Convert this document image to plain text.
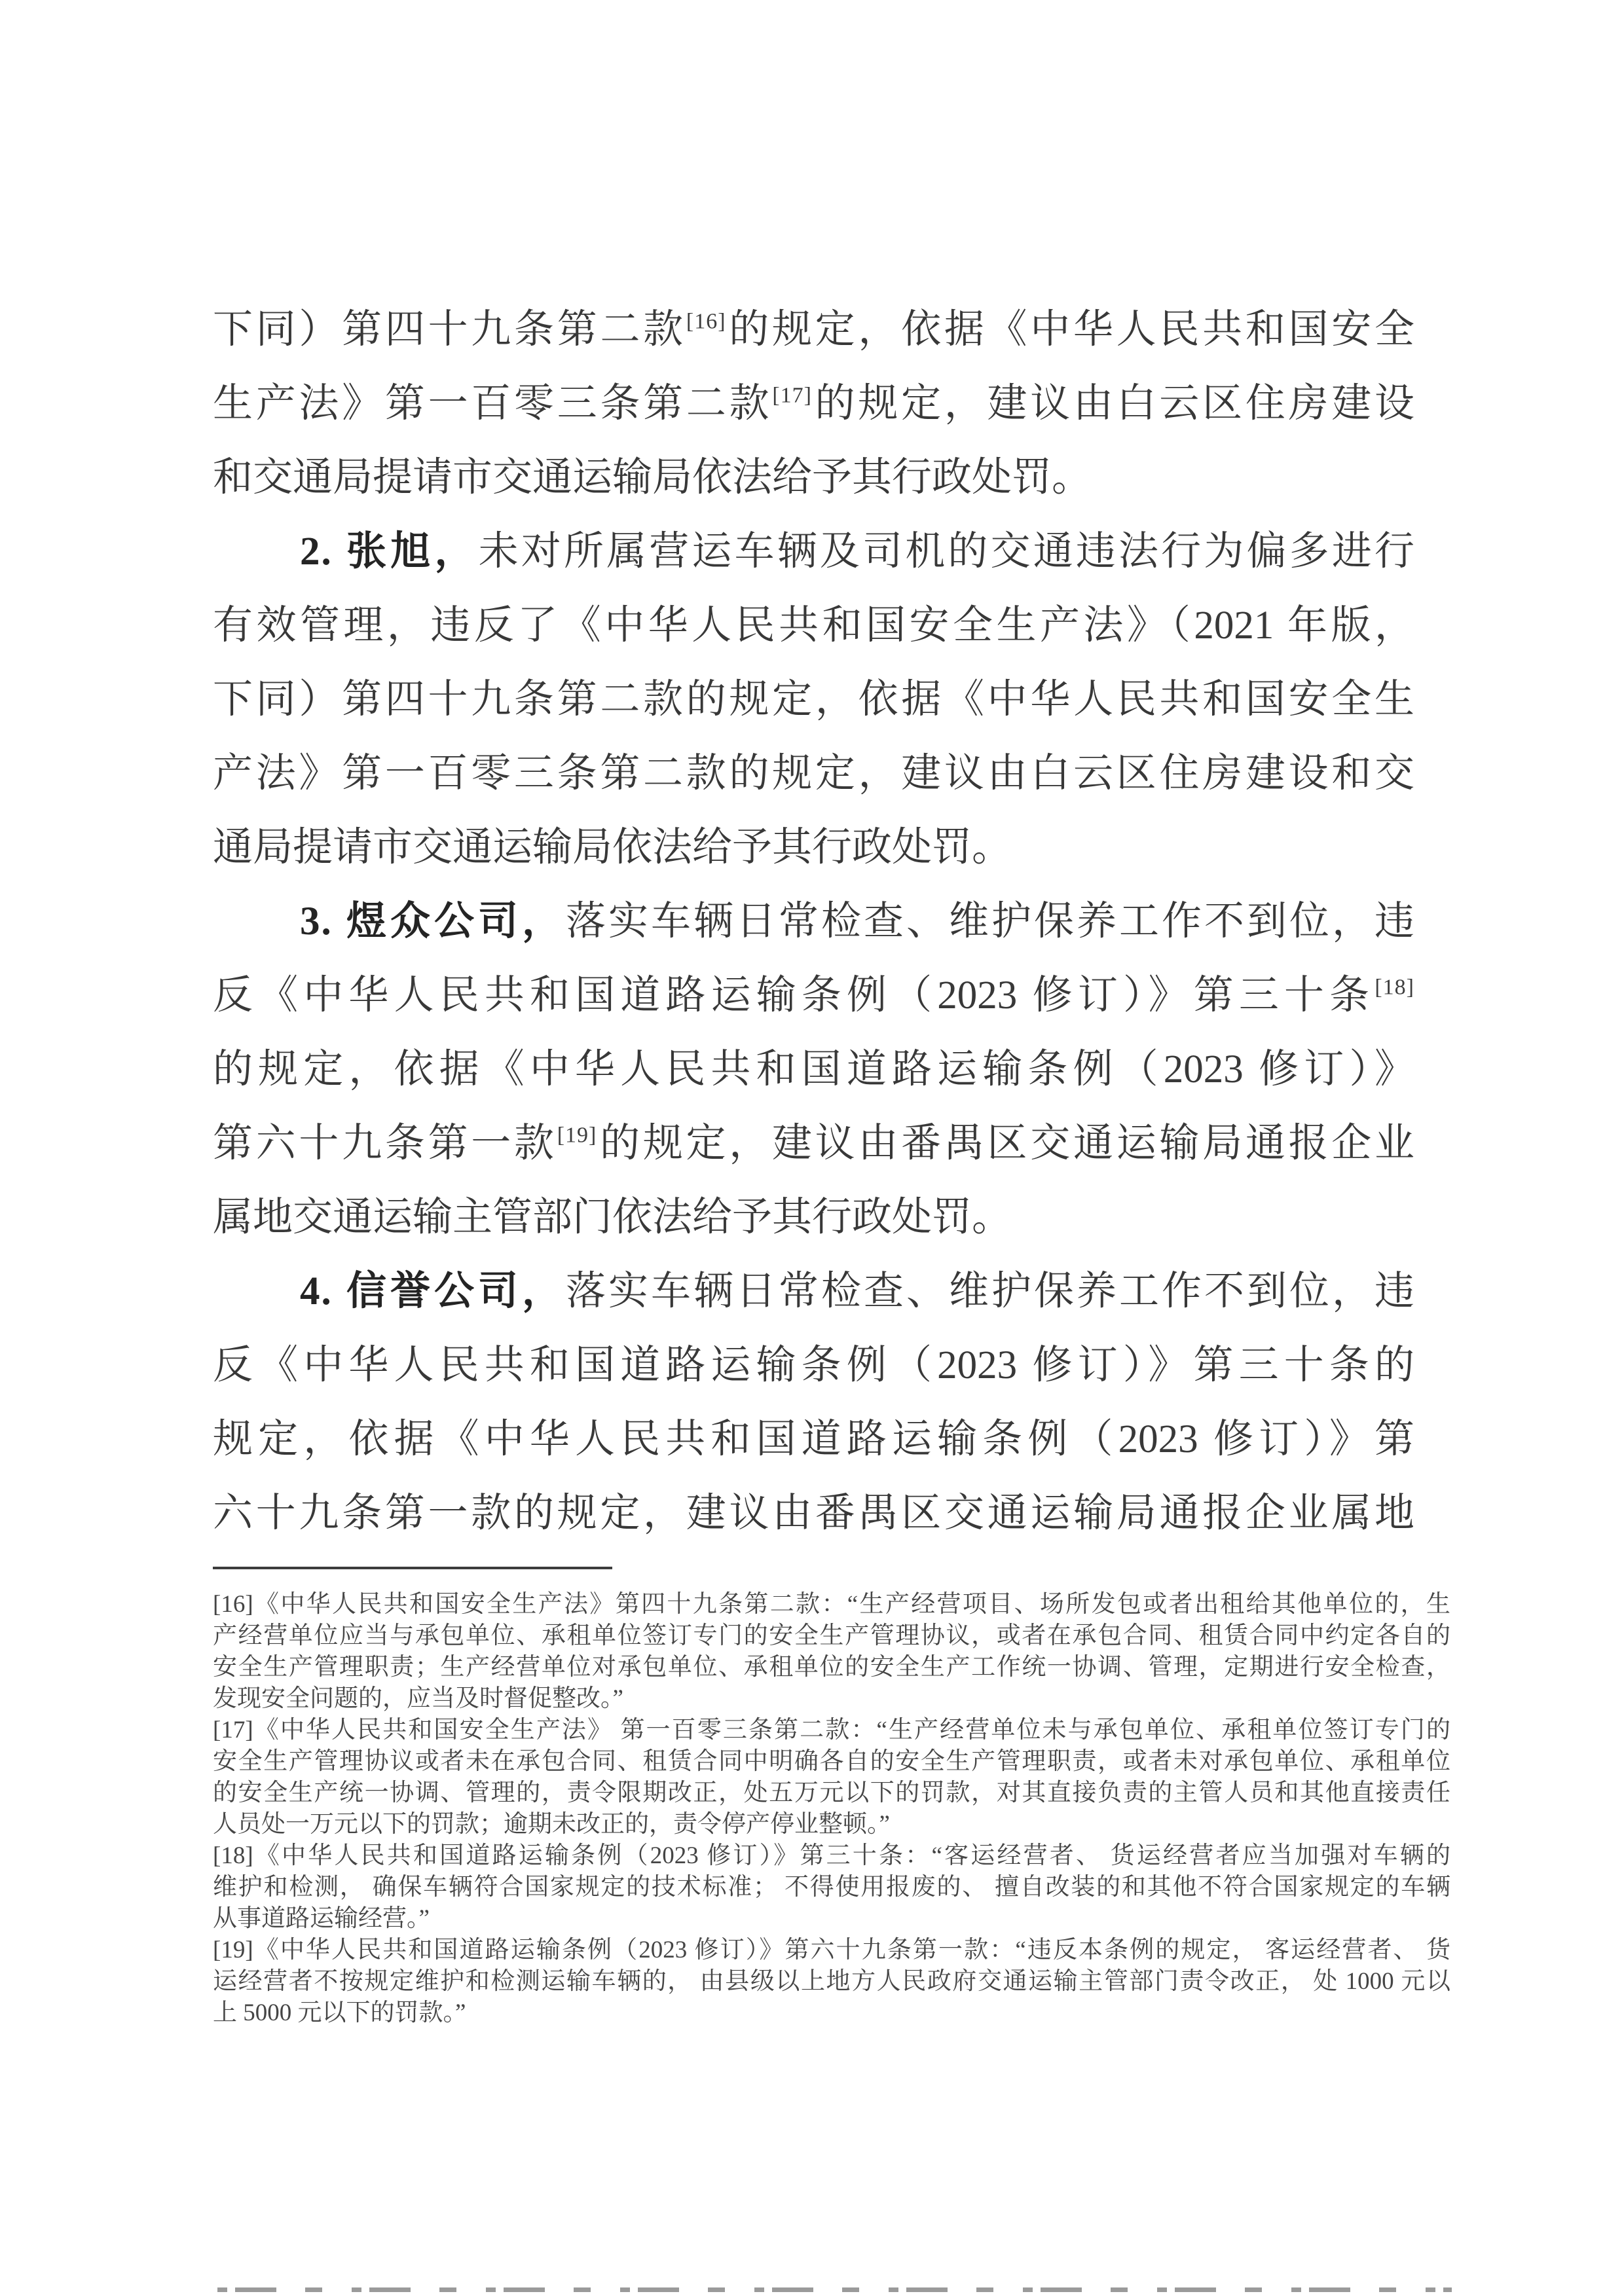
下同）第四十九条第二款[16]的规定，依据《中华人民共和国安全
生产法》第一百零三条第二款[17]的规定，建议由白云区住房建设
和交通局提请市交通运输局依法给予其行政处罚。
2. 张旭，未对所属营运车辆及司机的交通违法行为偏多进行
有效管理，违反了《中华人民共和国安全生产法》（2021 年版，
下同）第四十九条第二款的规定，依据《中华人民共和国安全生
产法》第一百零三条第二款的规定，建议由白云区住房建设和交
通局提请市交通运输局依法给予其行政处罚。
3. 煜众公司，落实车辆日常检查、维护保养工作不到位，违
反《中华人民共和国道路运输条例（2023 修订）》第三十条[18]
的规定，依据《中华人民共和国道路运输条例（2023 修订）》
第六十九条第一款[19]的规定，建议由番禺区交通运输局通报企业
属地交通运输主管部门依法给予其行政处罚。
4. 信誉公司，落实车辆日常检查、维护保养工作不到位，违
反《中华人民共和国道路运输条例（2023 修订）》第三十条的
规定，依据《中华人民共和国道路运输条例（2023 修订）》第
六十九条第一款的规定，建议由番禺区交通运输局通报企业属地
[16]《中华人民共和国安全生产法》第四十九条第二款：“生产经营项目、场所发包或者出租给其他单位的，生
产经营单位应当与承包单位、承租单位签订专门的安全生产管理协议，或者在承包合同、租赁合同中约定各自的
安全生产管理职责；生产经营单位对承包单位、承租单位的安全生产工作统一协调、管理，定期进行安全检查，
发现安全问题的，应当及时督促整改。”
[17]《中华人民共和国安全生产法》 第一百零三条第二款：“生产经营单位未与承包单位、承租单位签订专门的
安全生产管理协议或者未在承包合同、租赁合同中明确各自的安全生产管理职责，或者未对承包单位、承租单位
的安全生产统一协调、管理的，责令限期改正，处五万元以下的罚款，对其直接负责的主管人员和其他直接责任
人员处一万元以下的罚款；逾期未改正的，责令停产停业整顿。”
[18]《中华人民共和国道路运输条例（2023 修订）》第三十条：“客运经营者、 货运经营者应当加强对车辆的
维护和检测， 确保车辆符合国家规定的技术标准； 不得使用报废的、 擅自改装的和其他不符合国家规定的车辆
从事道路运输经营。”
[19]《中华人民共和国道路运输条例（2023 修订）》第六十九条第一款：“违反本条例的规定， 客运经营者、 货
运经营者不按规定维护和检测运输车辆的， 由县级以上地方人民政府交通运输主管部门责令改正， 处 1000 元以
上 5000 元以下的罚款。”
